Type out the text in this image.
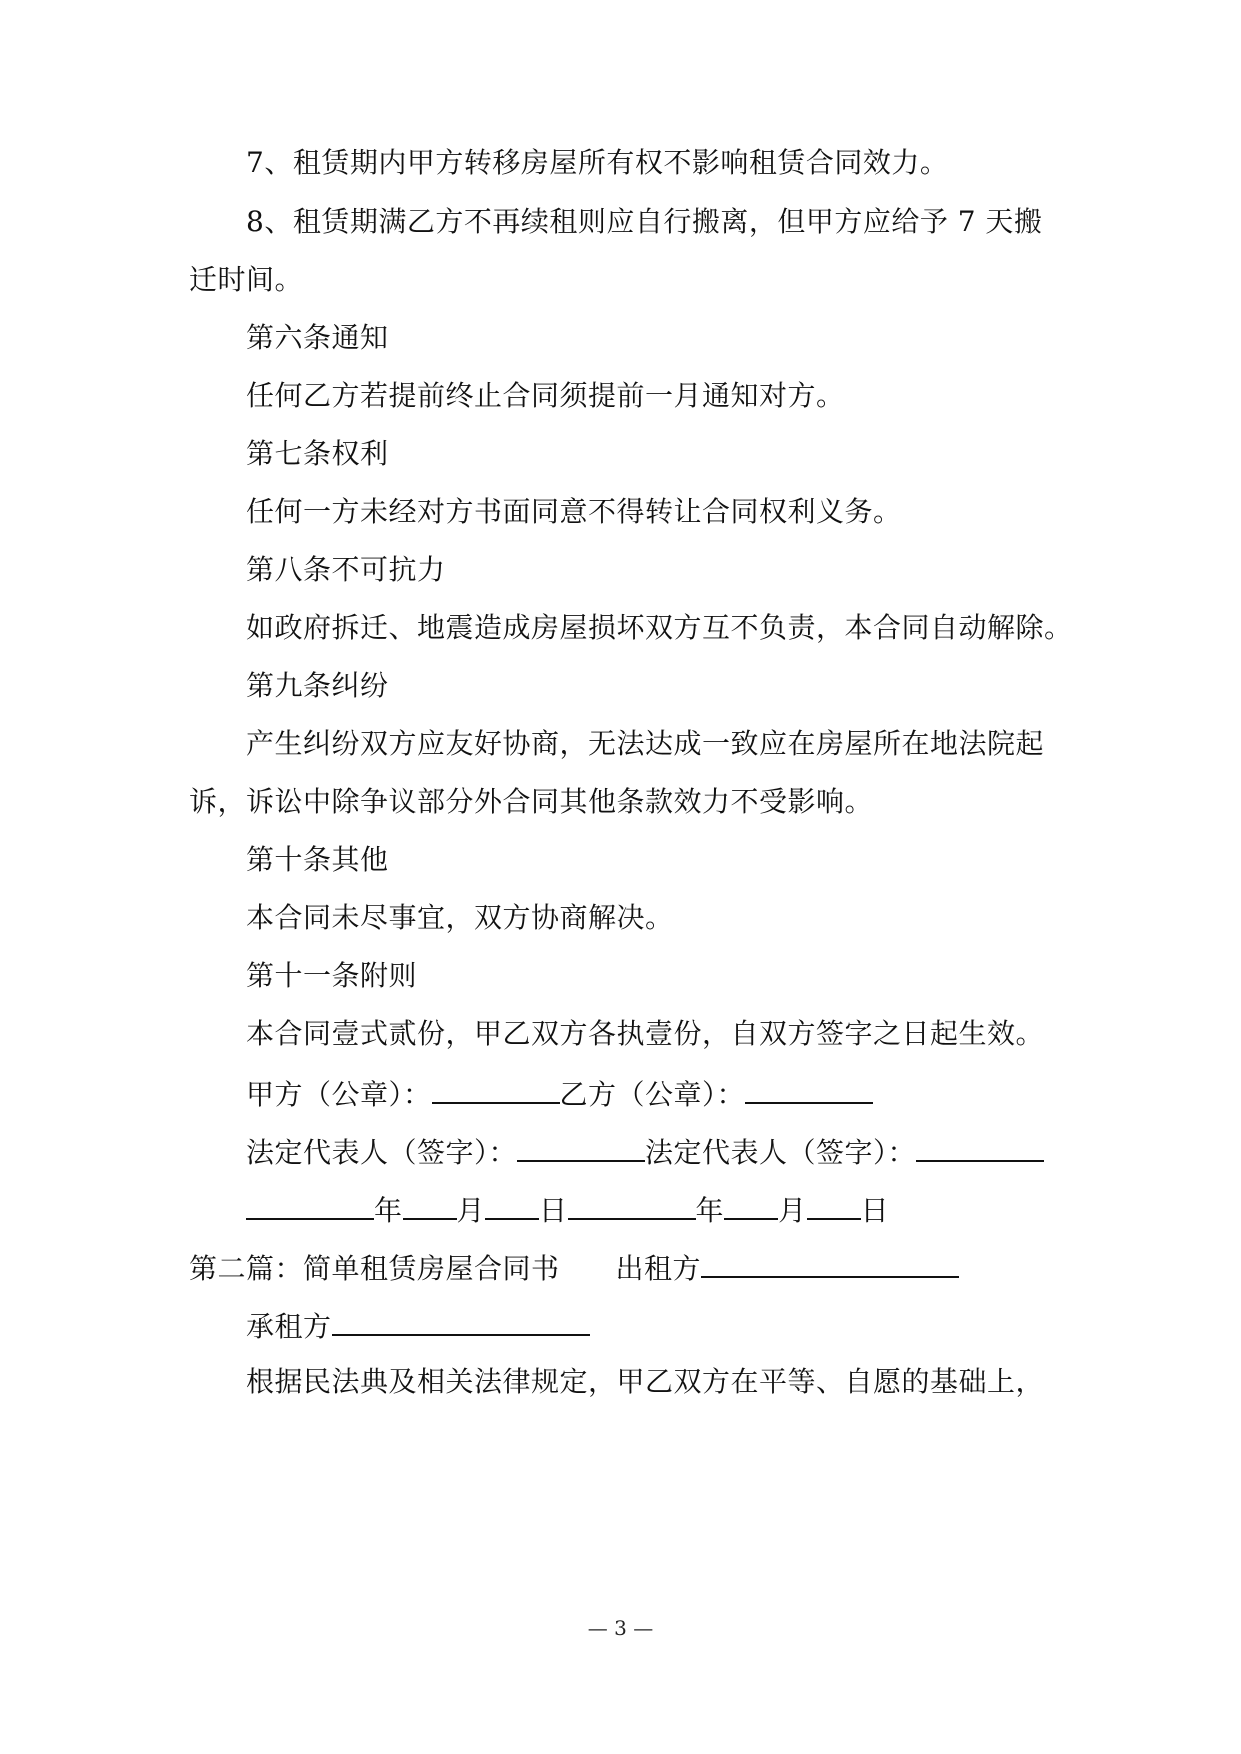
7、租赁期内甲方转移房屋所有权不影响租赁合同效力。
8、租赁期满乙方不再续租则应自行搬离，但甲方应给予 7 天搬
迁时间。
第六条通知
任何乙方若提前终止合同须提前一月通知对方。
第七条权利
任何一方未经对方书面同意不得转让合同权利义务。
第八条不可抗力
如政府拆迁、地震造成房屋损坏双方互不负责，本合同自动解除。
第九条纠纷
产生纠纷双方应友好协商，无法达成一致应在房屋所在地法院起
诉，诉讼中除争议部分外合同其他条款效力不受影响。
第十条其他
本合同未尽事宜，双方协商解决。
第十一条附则
本合同壹式贰份，甲乙双方各执壹份，自双方签字之日起生效。
甲方（公章）：	乙方（公章）：
法定代表人（签字）：	法定代表人（签字）：
年 月 日	年 月 日
第二篇：简单租赁房屋合同书 出租方
承租方
根据民法典及相关法律规定，甲乙双方在平等、自愿的基础上，
— 3 —
